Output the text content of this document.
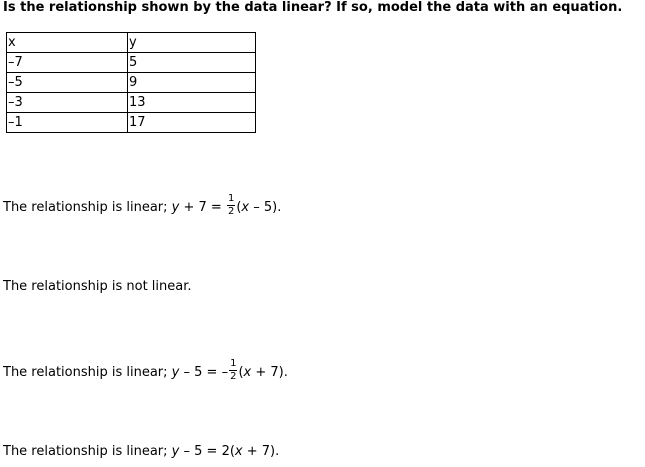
Is the relationship shown by the data linear? If so, model the data with an equation.
x	y
–7	5
–5	9
–3	13
–1	17
The relationship is linear; $y + 7 = \frac{1}{2} (x - 5)$.
The relationship is not linear.
The relationship is linear; y – 5 = – $\frac{1}{2} (x + 7)$.
The relationship is linear; y – 5 = 2(x + 7).
